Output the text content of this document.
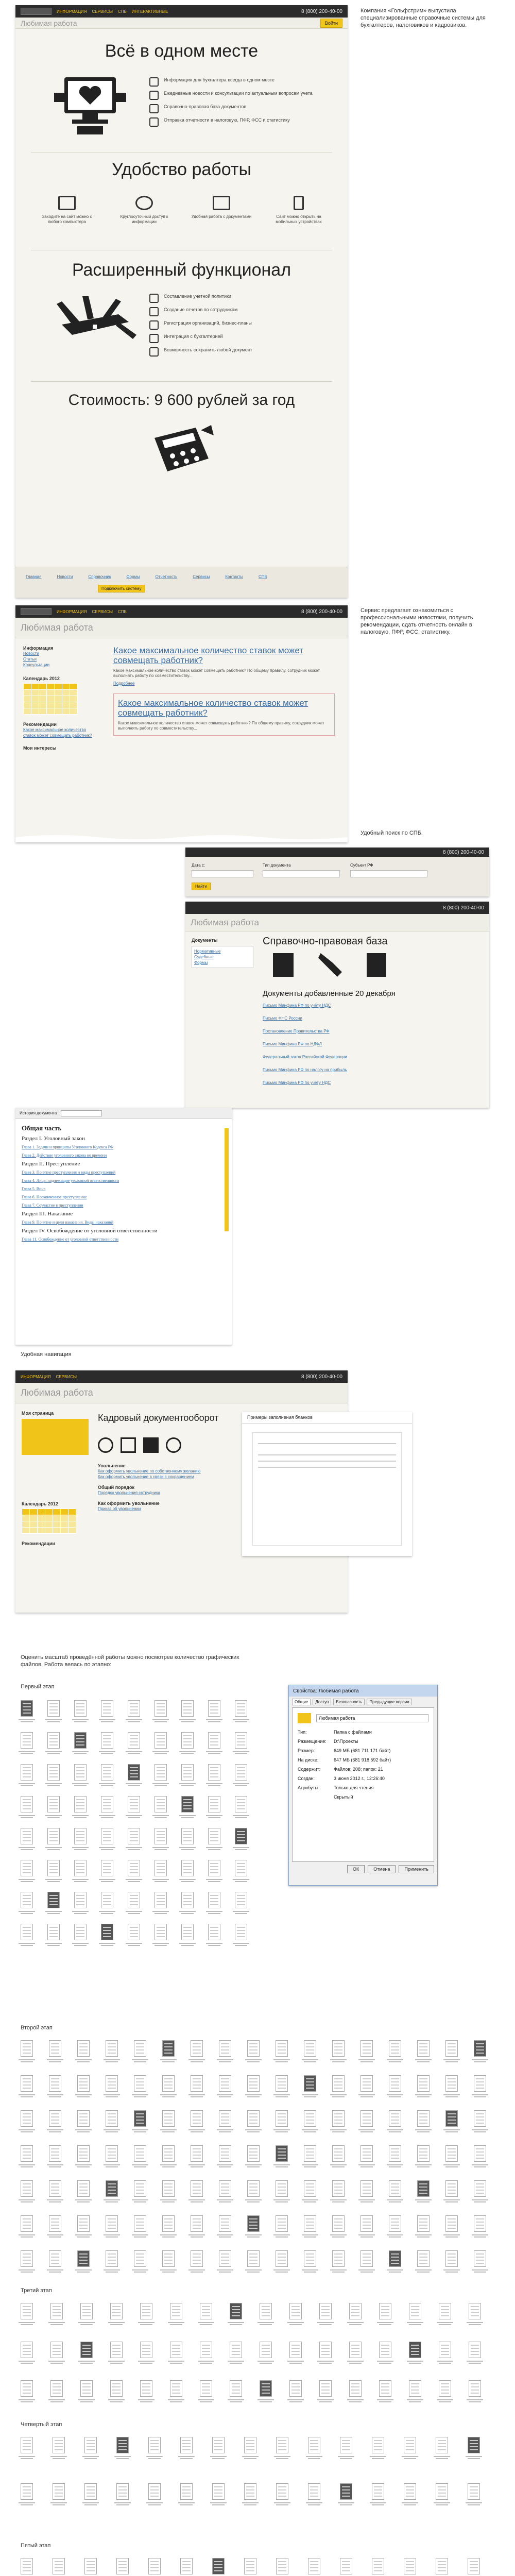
Компания «Гольфстрим» выпустила специализированные справочные системы для бухгалтеров, налоговиков и кадровиков.
Сервис предлагает ознакомиться с профессиональными новостями, получить рекомендации, сдать отчетность онлайн в налоговую, ПФР, ФСС, статистику.
Удобный поиск по СПБ.
Удобная навигация
Оценить масштаб проведённой работы можно посмотрев количество графических файлов. Работа велась по этапно:
ИНФОРМАЦИЯ СЕРВИСЫ СПБ ИНТЕРАКТИВНЫЕ	8 (800) 200-40-00
Любимая работа	Войти
Всё в одном месте
Информация для бухгалтера всегда в одном месте
Ежедневные новости и консультации по актуальным вопросам учета
Справочно-правовая база документов
Отправка отчетности в налоговую, ПФР, ФСС и статистику
Удобство работы
Заходите на сайт можно с любого компьютера
Круглосуточный доступ к информации
Удобная работа с документами	Сайт можно открыть на мобильных устройствах
Расширенный функционал
Составление учетной политики
Создание отчетов по сотрудникам
Регистрация организаций, бизнес-планы
Интеграция с бухгалтерией
Возможность сохранить любой документ
Стоимость: 9 600 рублей за год
Главная	Новости	Справочник	Формы	Отчетность	Сервисы	Контакты	СПБ
Подключить систему
ИНФОРМАЦИЯ СЕРВИСЫ СПБ	8 (800) 200-40-00
Любимая работа
Информация
Новости
Статьи
Консультации
Календарь 2012

Рекомендации
Какое максимальное количество ставок может совмещать работник?
Мои интересы
Какое максимальное количество ставок может совмещать работник?
Какое максимальное количество ставок может совмещать работник? По общему правилу, сотрудник может выполнять работу по совместительству...
Подробнее
Какое максимальное количество ставок может совмещать работник?
Какое максимальное количество ставок может совмещать работник? По общему правилу, сотрудник может выполнять работу по совместительству...
8 (800) 200-40-00
Дата с:	Тип документа	Субъект РФ
Найти
8 (800) 200-40-00
Любимая работа
Документы
Нормативные
Судебные
Формы
Справочно-правовая база
Документы добавленные 20 декабря
Письмо Минфина РФ по учёту НДС
Письмо ФНС России
Постановление Правительства РФ
Письмо Минфина РФ по НДФЛ
Федеральный закон Российской Федерации
Письмо Минфина РФ по налогу на прибыль
Письмо Минфина РФ по учету НДС
История документа
Общая часть
Раздел I. Уголовный закон
Глава 1. Задачи и принципы Уголовного Кодекса РФ
Глава 2. Действие уголовного закона во времени
Раздел II. Преступление
Глава 3. Понятие преступления и виды преступлений
Глава 4. Лица, подлежащие уголовной ответственности
Глава 5. Вина
Глава 6. Неоконченное преступление
Глава 7. Соучастие в преступлении
Раздел III. Наказание
Глава 9. Понятие и цели наказания. Виды наказаний
Раздел IV. Освобождение от уголовной ответственности
Глава 11. Освобождение от уголовной ответственности
ИНФОРМАЦИЯ СЕРВИСЫ	8 (800) 200-40-00
Любимая работа
Моя страница
Календарь 2012

Рекомендации
Кадровый документооборот
Увольнение
Как оформить увольнение по собственному желанию
Как оформить увольнение в связи с сокращением
Общий порядок
Порядок увольнения сотрудника
Как оформить увольнение
Приказ об увольнении
Примеры заполнения бланков
Свойства: Любимая работа
Общие	Доступ	Безопасность	Предыдущие версии
Любимая работа
Тип:	Папка с файлами
Размещение:	D:\Проекты
Размер:	649 МБ (681 711 171 байт)
На диске:	647 МБ (681 918 592 байт)
Содержит:	Файлов: 208; папок: 21
Создан:	3 июня 2012 г., 12:26:40
Атрибуты:	Только для чтения
Скрытый
ОК	Отмена	Применить
Первый этап
Второй этап
Третий этап
Четвертый этап
Пятый этап
